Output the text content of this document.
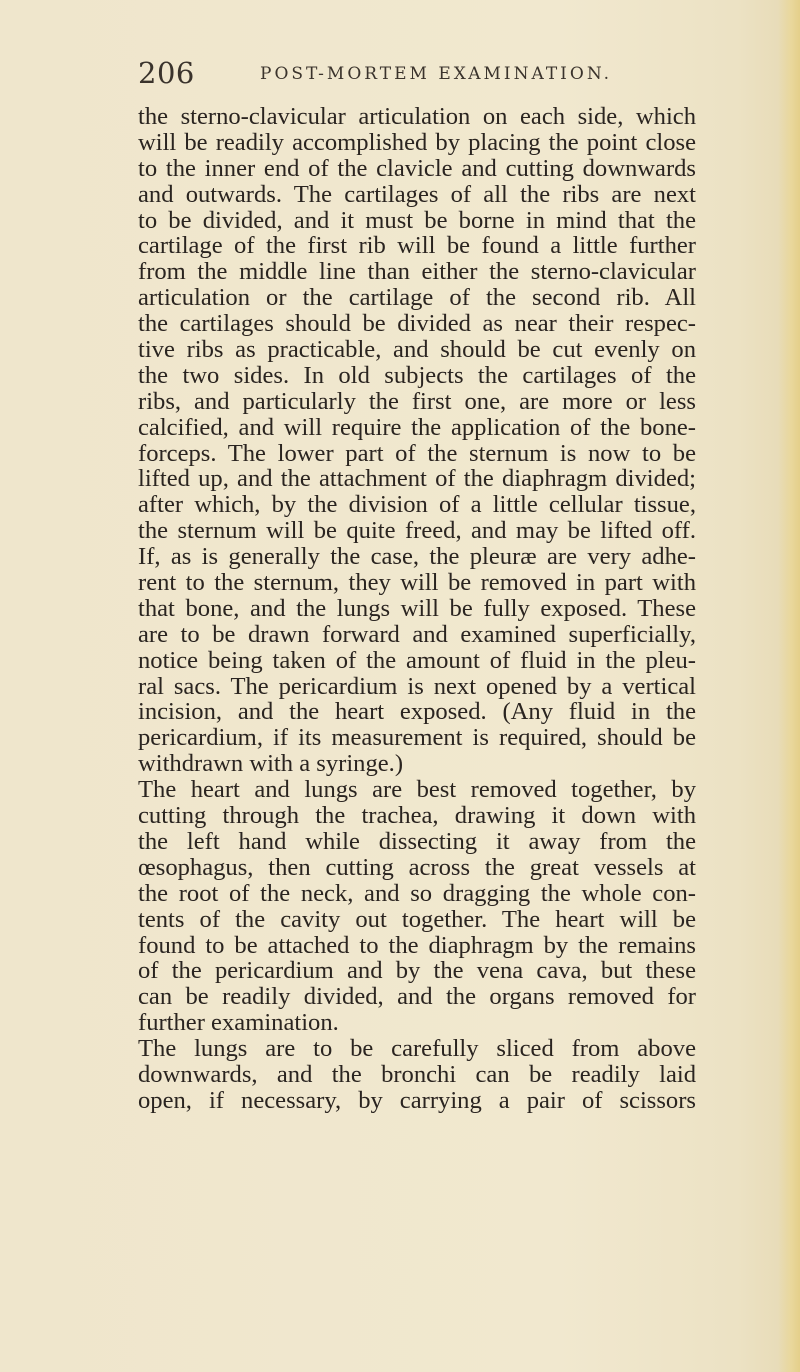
206	POST-MORTEM EXAMINATION.
the sterno-clavicular articulation on each side, which
will be readily accomplished by placing the point close
to the inner end of the clavicle and cutting downwards
and outwards. The cartilages of all the ribs are next
to be divided, and it must be borne in mind that the
cartilage of the first rib will be found a little further
from the middle line than either the sterno-clavicular
articulation or the cartilage of the second rib. All
the cartilages should be divided as near their respec-
tive ribs as practicable, and should be cut evenly on
the two sides. In old subjects the cartilages of the
ribs, and particularly the first one, are more or less
calcified, and will require the application of the bone-
forceps. The lower part of the sternum is now to be
lifted up, and the attachment of the diaphragm divided;
after which, by the division of a little cellular tissue,
the sternum will be quite freed, and may be lifted off.
If, as is generally the case, the pleuræ are very adhe-
rent to the sternum, they will be removed in part with
that bone, and the lungs will be fully exposed. These
are to be drawn forward and examined superficially,
notice being taken of the amount of fluid in the pleu-
ral sacs. The pericardium is next opened by a vertical
incision, and the heart exposed. (Any fluid in the
pericardium, if its measurement is required, should be
withdrawn with a syringe.)
The heart and lungs are best removed together, by
cutting through the trachea, drawing it down with
the left hand while dissecting it away from the
œsophagus, then cutting across the great vessels at
the root of the neck, and so dragging the whole con-
tents of the cavity out together. The heart will be
found to be attached to the diaphragm by the remains
of the pericardium and by the vena cava, but these
can be readily divided, and the organs removed for
further examination.
The lungs are to be carefully sliced from above
downwards, and the bronchi can be readily laid
open, if necessary, by carrying a pair of scissors
